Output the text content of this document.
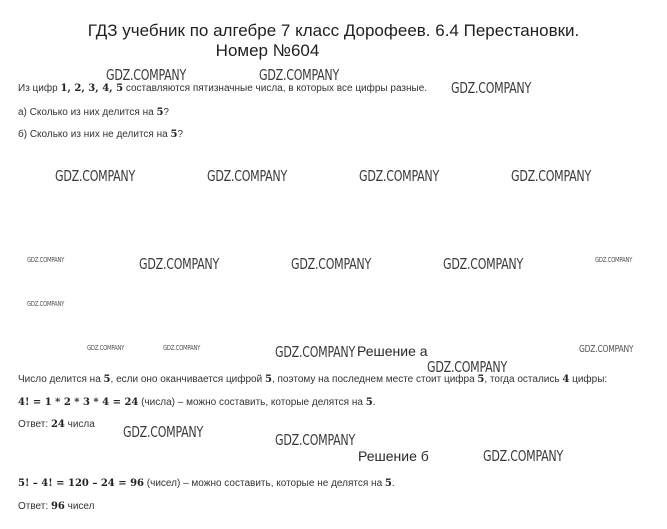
ГДЗ учебник по алгебре 7 класс Дорофеев. 6.4 Перестановки.
Номер №604
Из цифр 1, 2, 3, 4, 5 составляются пятизначные числа, в которых все цифры разные.
а) Сколько из них делится на 5?
б) Сколько из них не делится на 5?
Решение а
Число делится на 5, если оно оканчивается цифрой 5, поэтому на последнем месте стоит цифра 5, тогда остались 4 цифры:
4! = 1 * 2 * 3 * 4 = 24 (числа) – можно составить, которые делятся на 5.
Ответ: 24 числа
Решение б
5! – 4! = 120 – 24 = 96 (чисел) – можно составить, которые не делятся на 5.
Ответ: 96 чисел
GDZ.COMPANY	GDZ.COMPANY
GDZ.COMPANY
GDZ.COMPANY	GDZ.COMPANY	GDZ.COMPANY	GDZ.COMPANY
GDZ.COMPANY	GDZ.COMPANY	GDZ.COMPANY
GDZ.COMPANY
GDZ.COMPANY
GDZ.COMPANY	GDZ.COMPANY
GDZ.COMPANY
GDZ.COMPANY	GDZ.COMPANY
GDZ.COMPANY
GDZ.COMPANY	GDZ.COMPANY	GDZ.COMPANY
